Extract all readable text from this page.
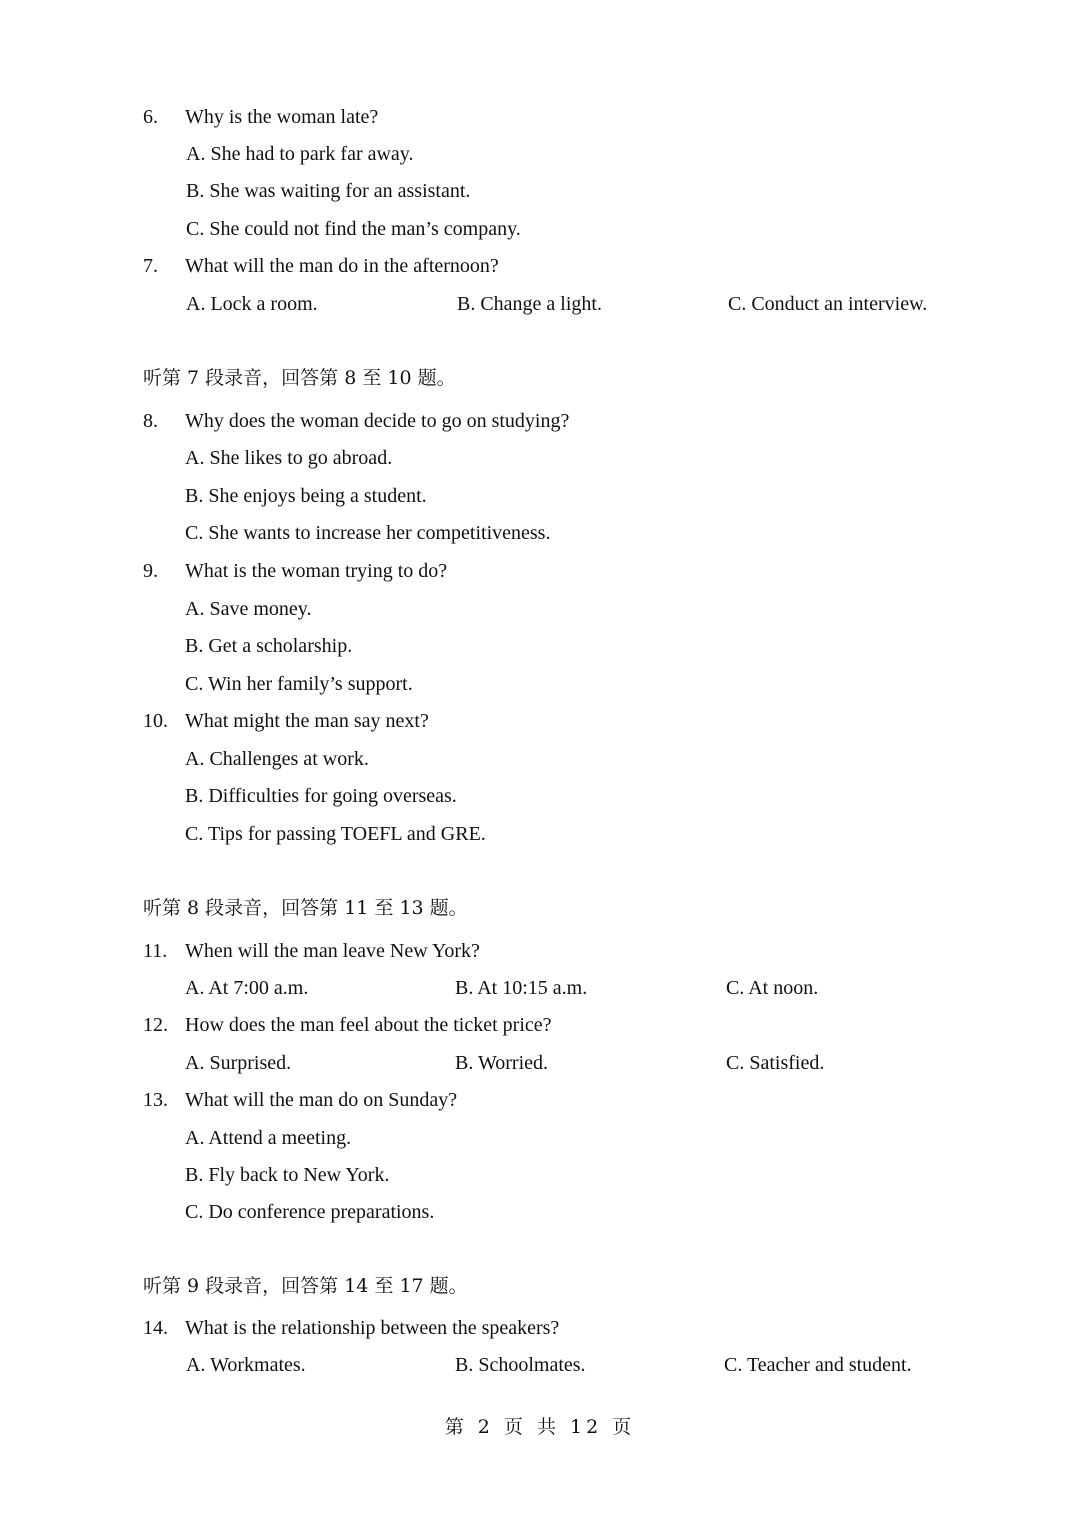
6. Why is the woman late?
A. She had to park far away.
B. She was waiting for an assistant.
C. She could not find the man’s company.
7. What will the man do in the afternoon?
A. Lock a room.	B. Change a light.	C. Conduct an interview.
听第 7 段录音，回答第 8 至 10 题。
8. Why does the woman decide to go on studying?
A. She likes to go abroad.
B. She enjoys being a student.
C. She wants to increase her competitiveness.
9. What is the woman trying to do?
A. Save money.
B. Get a scholarship.
C. Win her family’s support.
10. What might the man say next?
A. Challenges at work.
B. Difficulties for going overseas.
C. Tips for passing TOEFL and GRE.
听第 8 段录音，回答第 11 至 13 题。
11. When will the man leave New York?
A. At 7:00 a.m.	B. At 10:15 a.m.	C. At noon.
12. How does the man feel about the ticket price?
A. Surprised.	B. Worried.	C. Satisfied.
13. What will the man do on Sunday?
A. Attend a meeting.
B. Fly back to New York.
C. Do conference preparations.
听第 9 段录音，回答第 14 至 17 题。
14. What is the relationship between the speakers?
A. Workmates.	B. Schoolmates.	C. Teacher and student.
第 2 页 共 12 页
